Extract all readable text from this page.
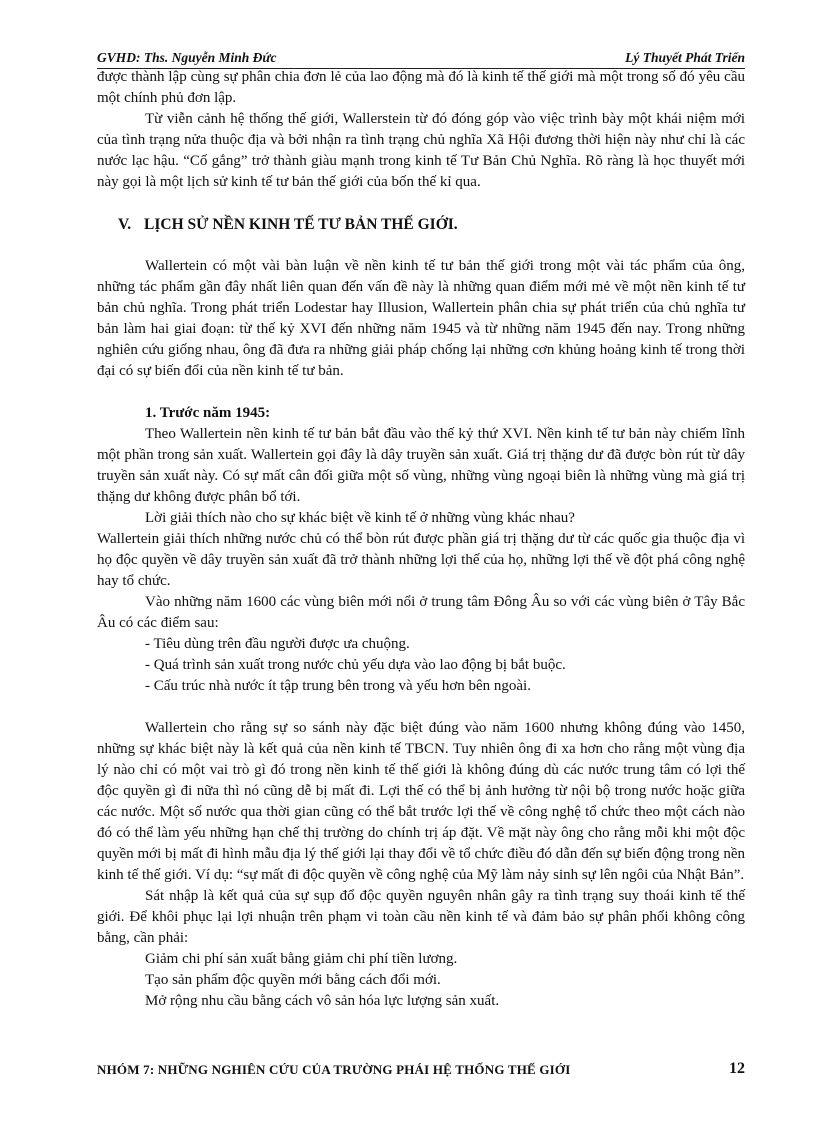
GVHD: Ths. Nguyễn Minh Đức	Lý Thuyết Phát Triển

được thành lập cùng sự phân chia đơn lẻ của lao động mà đó là kinh tế thế giới mà một trong số đó yêu cầu một chính phủ đơn lập.

Từ viễn cảnh hệ thống thế giới, Wallerstein từ đó đóng góp vào việc trình bày một khái niệm mới của tình trạng nửa thuộc địa và bởi nhận ra tình trạng chủ nghĩa Xã Hội đương thời hiện này như chỉ là các nước lạc hậu. “Cố gắng” trở thành giàu mạnh trong kinh tế Tư Bản Chủ Nghĩa. Rõ ràng là học thuyết mới này gọi là một lịch sử kinh tế tư bản thế giới của bốn thế kỉ qua.

V. LỊCH SỬ NỀN KINH TẾ TƯ BẢN THẾ GIỚI.

Wallertein có một vài bàn luận về nền kinh tế tư bản thế giới trong một vài tác phẩm của ông, những tác phẩm gần đây nhất liên quan đến vấn đề này là những quan điểm mới mẻ về một nền kinh tế tư bản chủ nghĩa. Trong phát triển Lodestar hay Illusion, Wallertein phân chia sự phát triển của chủ nghĩa tư bản làm hai giai đoạn: từ thế kỷ XVI đến những năm 1945 và từ những năm 1945 đến nay. Trong những nghiên cứu giống nhau, ông đã đưa ra những giải pháp chống lại những cơn khủng hoảng kinh tế trong thời đại có sự biến đổi của nền kinh tế tư bản.

1. Trước năm 1945:

Theo Wallertein nền kinh tế tư bản bắt đầu vào thế kỷ thứ XVI. Nền kinh tế tư bản này chiếm lĩnh một phần trong sản xuất. Wallertein gọi đây là dây truyền sản xuất. Giá trị thặng dư đã được bòn rút từ dây truyền sản xuất này. Có sự mất cân đối giữa một số vùng, những vùng ngoại biên là những vùng mà giá trị thặng dư không được phân bổ tới.

Lời giải thích nào cho sự khác biệt về kinh tế ở những vùng khác nhau?

Wallertein giải thích những nước chủ có thể bòn rút được phần giá trị thặng dư từ các quốc gia thuộc địa vì họ độc quyền về dây truyền sản xuất đã trở thành những lợi thế của họ, những lợi thế về đột phá công nghệ hay tổ chức.

Vào những năm 1600 các vùng biên mới nổi ở trung tâm Đông Âu so với các vùng biên ở Tây Bắc Âu có các điểm sau:

- Tiêu dùng trên đầu người được ưa chuộng.

- Quá trình sản xuất trong nước chủ yếu dựa vào lao động bị bắt buộc.

- Cấu trúc nhà nước ít tập trung bên trong và yếu hơn bên ngoài.

Wallertein cho rằng sự so sánh này đặc biệt đúng vào năm 1600 nhưng không đúng vào 1450, những sự khác biệt này là kết quả của nền kinh tế TBCN. Tuy nhiên ông đi xa hơn cho rằng một vùng địa lý nào chỉ có một vai trò gì đó trong nền kinh tế thế giới là không đúng dù các nước trung tâm có lợi thế độc quyền gì đi nữa thì nó cũng dễ bị mất đi. Lợi thế có thể bị ảnh hưởng từ nội bộ trong nước hoặc giữa các nước. Một số nước qua thời gian cũng có thể bắt trước lợi thế về công nghệ tổ chức theo một cách nào đó có thể làm yếu những hạn chế thị trường do chính trị áp đặt. Về mặt này ông cho rằng mỗi khi một độc quyền mới bị mất đi hình mẫu địa lý thế giới lại thay đổi về tổ chức điều đó dẫn đến sự biến động trong nền kinh tế thế giới. Ví dụ: “sự mất đi độc quyền về công nghệ của Mỹ làm nảy sinh sự lên ngôi của Nhật Bản”.

Sát nhập là kết quả của sự sụp đổ độc quyền nguyên nhân gây ra tình trạng suy thoái kinh tế thế giới. Để khôi phục lại lợi nhuận trên phạm vi toàn cầu nền kinh tế và đảm bảo sự phân phối không công bằng, cần phải:

Giảm chi phí sản xuất bằng giảm chi phí tiền lương.

Tạo sản phẩm độc quyền mới bằng cách đổi mới.

Mở rộng nhu cầu bằng cách vô sản hóa lực lượng sản xuất.

NHÓM 7: NHỮNG NGHIÊN CỨU CỦA TRƯỜNG PHÁI HỆ THỐNG THẾ GIỚI	12
